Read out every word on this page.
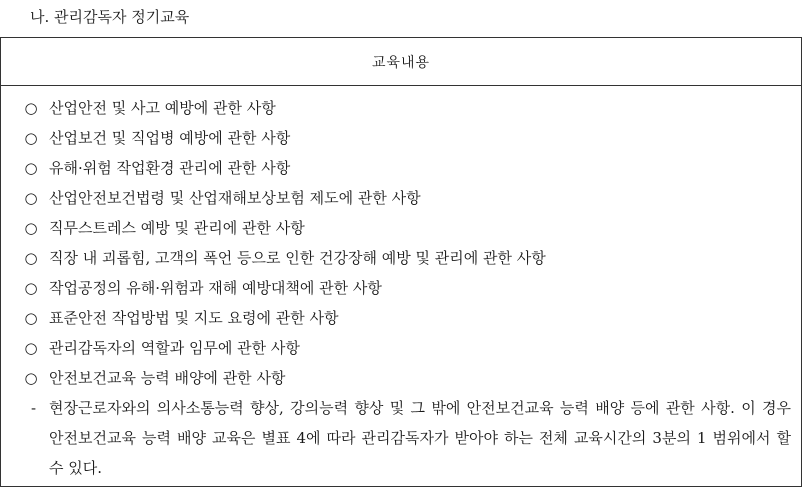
나. 관리감독자 정기교육
교육내용
○ 산업안전 및 사고 예방에 관한 사항
○ 산업보건 및 직업병 예방에 관한 사항
○ 유해·위험 작업환경 관리에 관한 사항
○ 산업안전보건법령 및 산업재해보상보험 제도에 관한 사항
○ 직무스트레스 예방 및 관리에 관한 사항
○ 직장 내 괴롭힘, 고객의 폭언 등으로 인한 건강장해 예방 및 관리에 관한 사항
○ 작업공정의 유해·위험과 재해 예방대책에 관한 사항
○ 표준안전 작업방법 및 지도 요령에 관한 사항
○ 관리감독자의 역할과 임무에 관한 사항
○ 안전보건교육 능력 배양에 관한 사항
- 현장근로자와의 의사소통능력 향상, 강의능력 향상 및 그 밖에 안전보건교육 능력 배양 등에 관한 사항. 이 경우 안전보건교육 능력 배양 교육은 별표 4에 따라 관리감독자가 받아야 하는 전체 교육시간의 3분의 1 범위에서 할 수 있다.
